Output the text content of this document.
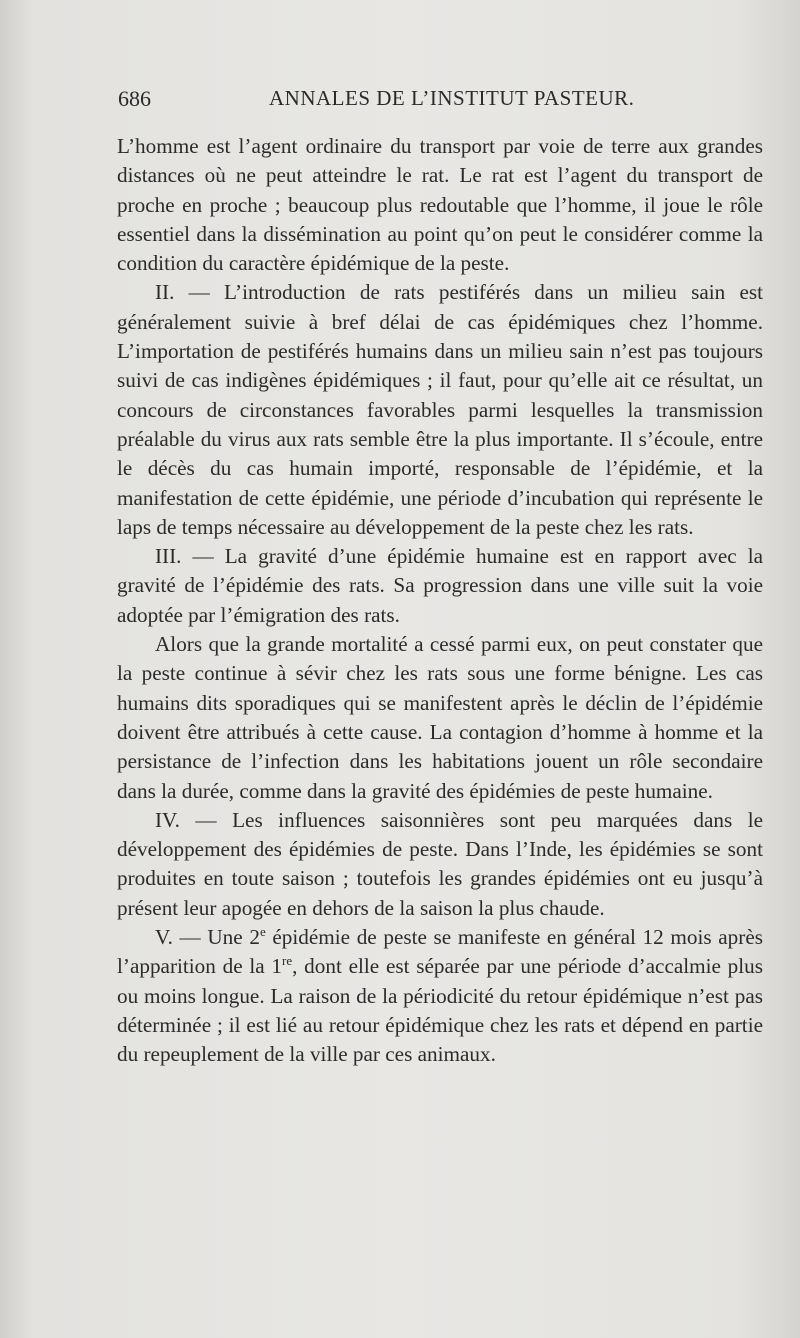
686	ANNALES DE L’INSTITUT PASTEUR.

L’homme est l’agent ordinaire du transport par voie de terre aux grandes distances où ne peut atteindre le rat. Le rat est l’agent du transport de proche en proche ; beaucoup plus redoutable que l’homme, il joue le rôle essentiel dans la dissémination au point qu’on peut le considérer comme la condition du caractère épidémique de la peste.

II. — L’introduction de rats pestiférés dans un milieu sain est généralement suivie à bref délai de cas épidémiques chez l’homme. L’importation de pestiférés humains dans un milieu sain n’est pas toujours suivi de cas indigènes épidémiques ; il faut, pour qu’elle ait ce résultat, un concours de circonstances favorables parmi lesquelles la transmission préalable du virus aux rats semble être la plus importante. Il s’écoule, entre le décès du cas humain importé, responsable de l’épidémie, et la manifestation de cette épidémie, une période d’incubation qui représente le laps de temps nécessaire au développement de la peste chez les rats.

III. — La gravité d’une épidémie humaine est en rapport avec la gravité de l’épidémie des rats. Sa progression dans une ville suit la voie adoptée par l’émigration des rats.

Alors que la grande mortalité a cessé parmi eux, on peut constater que la peste continue à sévir chez les rats sous une forme bénigne. Les cas humains dits sporadiques qui se manifestent après le déclin de l’épidémie doivent être attribués à cette cause. La contagion d’homme à homme et la persistance de l’infection dans les habitations jouent un rôle secondaire dans la durée, comme dans la gravité des épidémies de peste humaine.

IV. — Les influences saisonnières sont peu marquées dans le développement des épidémies de peste. Dans l’Inde, les épidémies se sont produites en toute saison ; toutefois les grandes épidémies ont eu jusqu’à présent leur apogée en dehors de la saison la plus chaude.

V. — Une 2e épidémie de peste se manifeste en général 12 mois après l’apparition de la 1re, dont elle est séparée par une période d’accalmie plus ou moins longue. La raison de la périodicité du retour épidémique n’est pas déterminée ; il est lié au retour épidémique chez les rats et dépend en partie du repeuplement de la ville par ces animaux.
